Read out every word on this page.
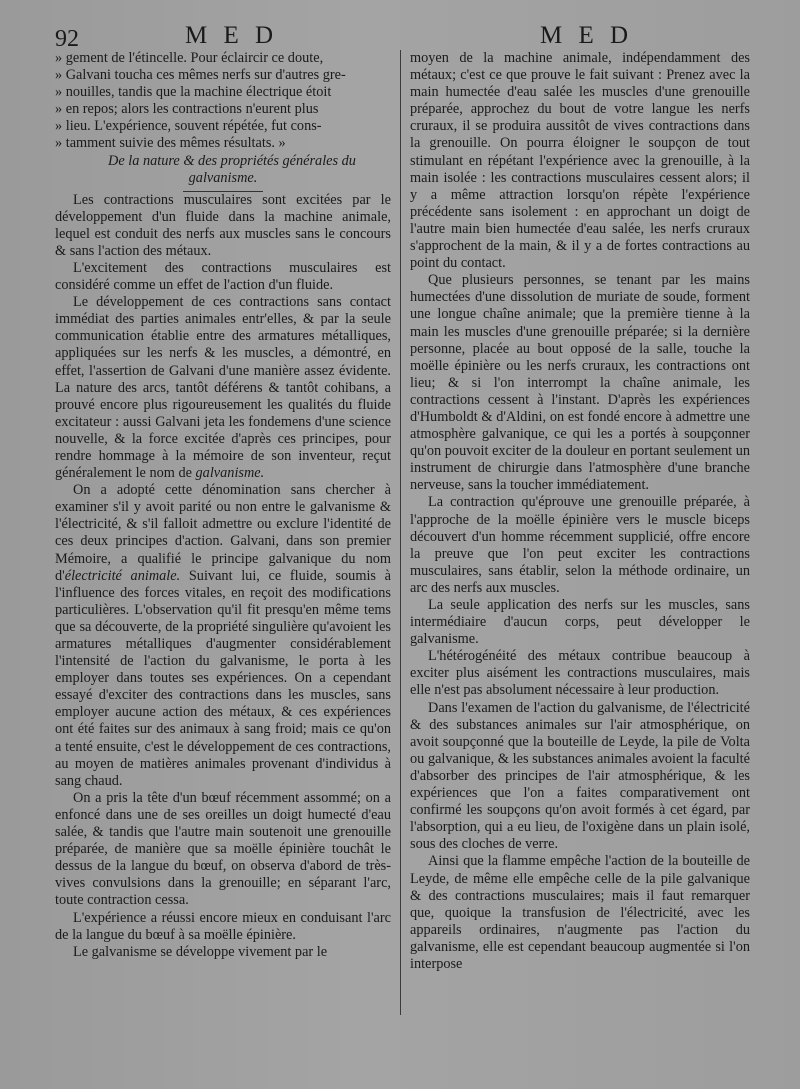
92	M E D	M E D

» gement de l'étincelle. Pour éclaircir ce doute,
» Galvani toucha ces mêmes nerfs sur d'autres gre-
» nouilles, tandis que la machine électrique étoit
» en repos; alors les contractions n'eurent plus
» lieu. L'expérience, souvent répétée, fut cons-
» tamment suivie des mêmes résultats. »

De la nature & des propriétés générales du galvanisme.

Les contractions musculaires sont excitées par le développement d'un fluide dans la machine animale, lequel est conduit des nerfs aux muscles sans le concours & sans l'action des métaux.

L'excitement des contractions musculaires est considéré comme un effet de l'action d'un fluide.

Le développement de ces contractions sans contact immédiat des parties animales entr'elles, & par la seule communication établie entre des armatures métalliques, appliquées sur les nerfs & les muscles, a démontré, en effet, l'assertion de Galvani d'une manière assez évidente. La nature des arcs, tantôt déférens & tantôt cohibans, a prouvé encore plus rigoureusement les qualités du fluide excitateur : aussi Galvani jeta les fondemens d'une science nouvelle, & la force excitée d'après ces principes, pour rendre hommage à la mémoire de son inventeur, reçut généralement le nom de galvanisme.

On a adopté cette dénomination sans chercher à examiner s'il y avoit parité ou non entre le galvanisme & l'électricité, & s'il falloit admettre ou exclure l'identité de ces deux principes d'action. Galvani, dans son premier Mémoire, a qualifié le principe galvanique du nom d'électricité animale. Suivant lui, ce fluide, soumis à l'influence des forces vitales, en reçoit des modifications particulières. L'observation qu'il fit presqu'en même tems que sa découverte, de la propriété singulière qu'avoient les armatures métalliques d'augmenter considérablement l'intensité de l'action du galvanisme, le porta à les employer dans toutes ses expériences. On a cependant essayé d'exciter des contractions dans les muscles, sans employer aucune action des métaux, & ces expériences ont été faites sur des animaux à sang froid; mais ce qu'on a tenté ensuite, c'est le développement de ces contractions, au moyen de matières animales provenant d'individus à sang chaud.

On a pris la tête d'un bœuf récemment assommé; on a enfoncé dans une de ses oreilles un doigt humecté d'eau salée, & tandis que l'autre main soutenoit une grenouille préparée, de manière que sa moëlle épinière touchât le dessus de la langue du bœuf, on observa d'abord de très-vives convulsions dans la grenouille; en séparant l'arc, toute contraction cessa.

L'expérience a réussi encore mieux en conduisant l'arc de la langue du bœuf à sa moëlle épinière.

Le galvanisme se développe vivement par le

moyen de la machine animale, indépendamment des métaux; c'est ce que prouve le fait suivant : Prenez avec la main humectée d'eau salée les muscles d'une grenouille préparée, approchez du bout de votre langue les nerfs cruraux, il se produira aussitôt de vives contractions dans la grenouille. On pourra éloigner le soupçon de tout stimulant en répétant l'expérience avec la grenouille, à la main isolée : les contractions musculaires cessent alors; il y a même attraction lorsqu'on répète l'expérience précédente sans isolement : en approchant un doigt de l'autre main bien humectée d'eau salée, les nerfs cruraux s'approchent de la main, & il y a de fortes contractions au point du contact.

Que plusieurs personnes, se tenant par les mains humectées d'une dissolution de muriate de soude, forment une longue chaîne animale; que la première tienne à la main les muscles d'une grenouille préparée; si la dernière personne, placée au bout opposé de la salle, touche la moëlle épinière ou les nerfs cruraux, les contractions ont lieu; & si l'on interrompt la chaîne animale, les contractions cessent à l'instant. D'après les expériences d'Humboldt & d'Aldini, on est fondé encore à admettre une atmosphère galvanique, ce qui les a portés à soupçonner qu'on pouvoit exciter de la douleur en portant seulement un instrument de chirurgie dans l'atmosphère d'une branche nerveuse, sans la toucher immédiatement.

La contraction qu'éprouve une grenouille préparée, à l'approche de la moëlle épinière vers le muscle biceps découvert d'un homme récemment supplicié, offre encore la preuve que l'on peut exciter les contractions musculaires, sans établir, selon la méthode ordinaire, un arc des nerfs aux muscles.

La seule application des nerfs sur les muscles, sans intermédiaire d'aucun corps, peut développer le galvanisme.

L'hétérogénéité des métaux contribue beaucoup à exciter plus aisément les contractions musculaires, mais elle n'est pas absolument nécessaire à leur production.

Dans l'examen de l'action du galvanisme, de l'électricité & des substances animales sur l'air atmosphérique, on avoit soupçonné que la bouteille de Leyde, la pile de Volta ou galvanique, & les substances animales avoient la faculté d'absorber des principes de l'air atmosphérique, & les expériences que l'on a faites comparativement ont confirmé les soupçons qu'on avoit formés à cet égard, par l'absorption, qui a eu lieu, de l'oxigène dans un plain isolé, sous des cloches de verre.

Ainsi que la flamme empêche l'action de la bouteille de Leyde, de même elle empêche celle de la pile galvanique & des contractions musculaires; mais il faut remarquer que, quoique la transfusion de l'électricité, avec les appareils ordinaires, n'augmente pas l'action du galvanisme, elle est cependant beaucoup augmentée si l'on interpose
